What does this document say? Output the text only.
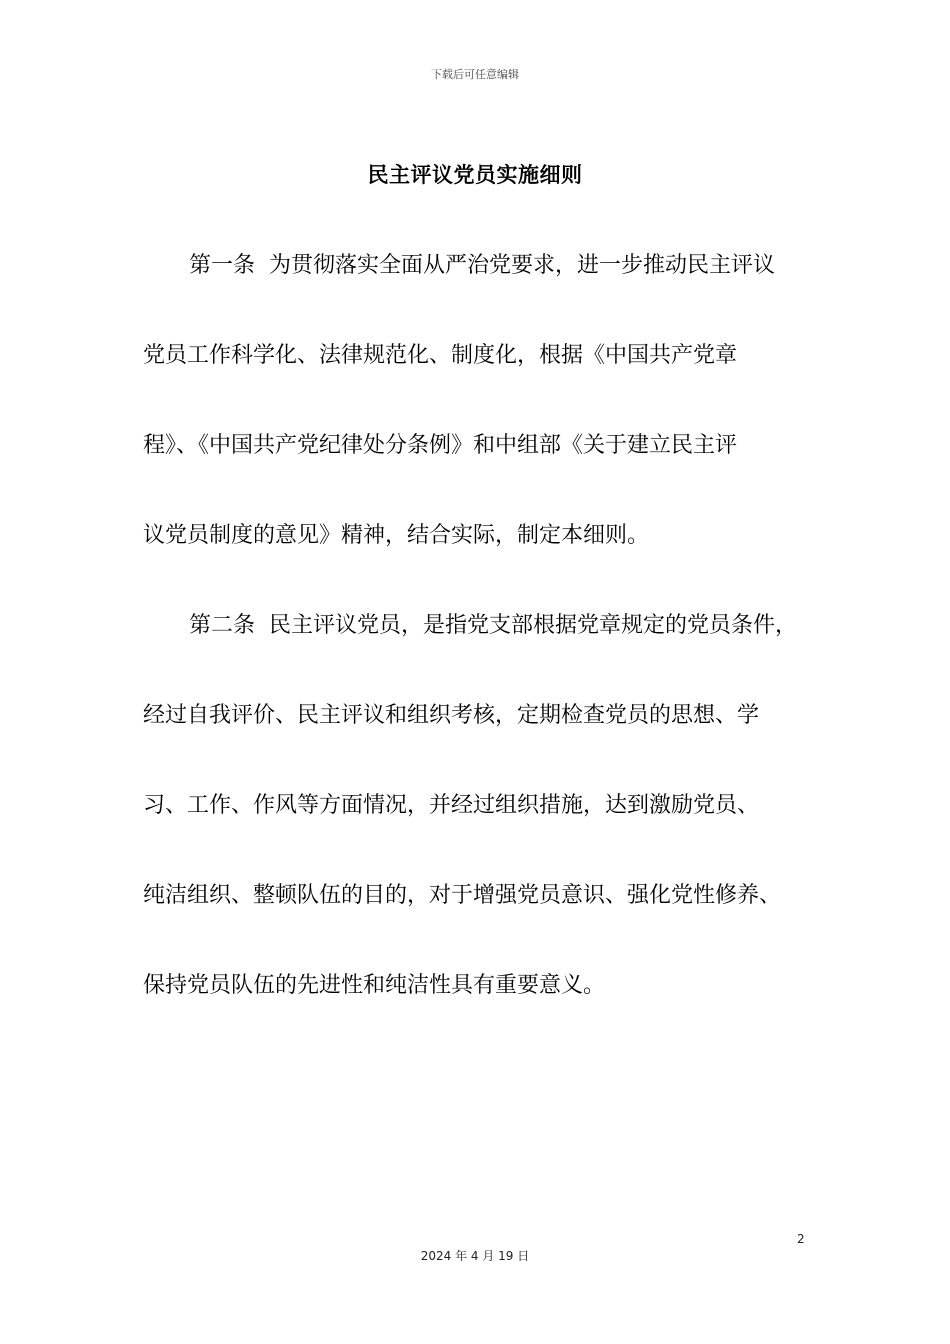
下载后可任意编辑
民主评议党员实施细则
第一条 为贯彻落实全面从严治党要求，进一步推动民主评议
党员工作科学化、法律规范化、制度化，根据《中国共产党章
程》、《中国共产党纪律处分条例》和中组部《关于建立民主评
议党员制度的意见》精神，结合实际，制定本细则。
第二条 民主评议党员，是指党支部根据党章规定的党员条件，
经过自我评价、民主评议和组织考核，定期检查党员的思想、学
习、工作、作风等方面情况，并经过组织措施，达到激励党员、
纯洁组织、整顿队伍的目的，对于增强党员意识、强化党性修养、
保持党员队伍的先进性和纯洁性具有重要意义。
2
2024 年 4 月 19 日
